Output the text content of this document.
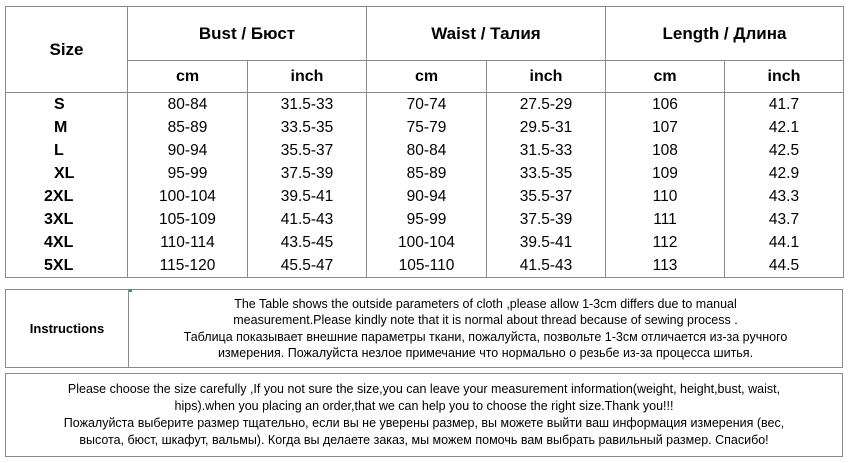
Size	Bust / Бюст		Waist / Талия		Length / Длина	
	cm	inch	cm	inch	cm	inch
S	80-84	31.5-33	70-74	27.5-29	106	41.7
M	85-89	33.5-35	75-79	29.5-31	107	42.1
L	90-94	35.5-37	80-84	31.5-33	108	42.5
XL	95-99	37.5-39	85-89	33.5-35	109	42.9
2XL	100-104	39.5-41	90-94	35.5-37	110	43.3
3XL	105-109	41.5-43	95-99	37.5-39	111	43.7
4XL	110-114	43.5-45	100-104	39.5-41	112	44.1
5XL	115-120	45.5-47	105-110	41.5-43	113	44.5
Instructions
The Table shows the outside parameters of cloth ,please allow 1-3cm differs due to manual
measurement.Please kindly note that it is normal about thread because of sewing process .
Таблица показывает внешние параметры ткани, пожалуйста, позвольте 1-3см отличается из-за ручного
измерения. Пожалуйста незлое примечание что нормально о резьбе из-за процесса шитья.
Please choose the size carefully ,If you not sure the size,you can leave your measurement information(weight, height,bust, waist,
hips).when you placing an order,that we can help you to choose the right size.Thank you!!!
Пожалуйста выберите размер тщательно, если вы не уверены размер, вы можете выйти ваш информация измерения (вес,
высота, бюст, шкафут, вальмы). Когда вы делаете заказ, мы можем помочь вам выбрать равильный размер. Спасибо!
